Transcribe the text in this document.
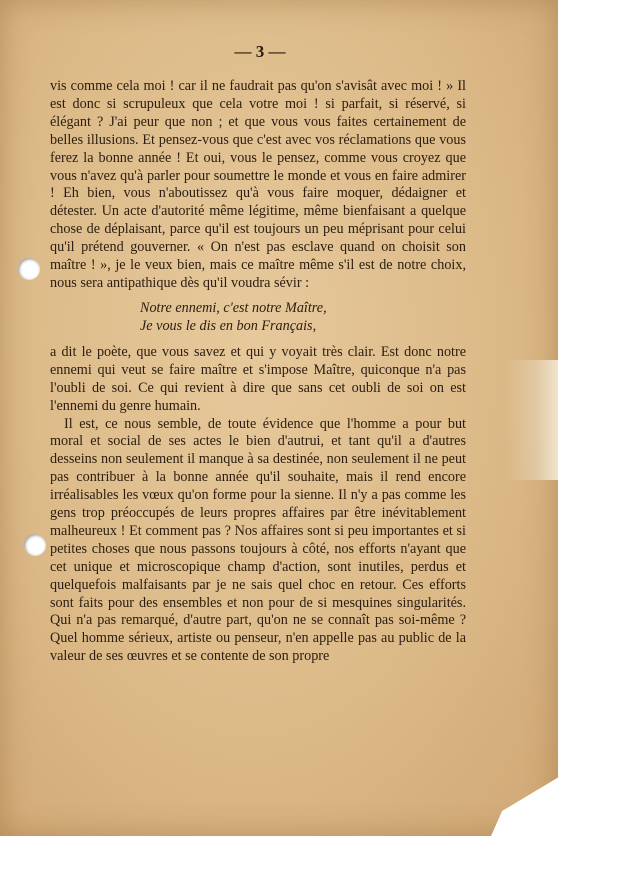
— 3 —

vis comme cela moi ! car il ne faudrait pas qu'on s'avisât avec moi ! » Il est donc si scrupuleux que cela votre moi ! si parfait, si réservé, si élégant ? J'ai peur que non ; et que vous vous faites certainement de belles illusions. Et pensez-vous que c'est avec vos réclamations que vous ferez la bonne année ! Et oui, vous le pensez, comme vous croyez que vous n'avez qu'à parler pour soumettre le monde et vous en faire admirer ! Eh bien, vous n'aboutissez qu'à vous faire moquer, dédaigner et détester. Un acte d'autorité même légitime, même bienfaisant a quelque chose de déplaisant, parce qu'il est toujours un peu méprisant pour celui qu'il prétend gouverner. « On n'est pas esclave quand on choisit son maître ! », je le veux bien, mais ce maître même s'il est de notre choix, nous sera antipathique dès qu'il voudra sévir :

Notre ennemi, c'est notre Maître,
Je vous le dis en bon Français,

a dit le poète, que vous savez et qui y voyait très clair. Est donc notre ennemi qui veut se faire maître et s'impose Maître, quiconque n'a pas l'oubli de soi. Ce qui revient à dire que sans cet oubli de soi on est l'ennemi du genre humain.

Il est, ce nous semble, de toute évidence que l'homme a pour but moral et social de ses actes le bien d'autrui, et tant qu'il a d'autres desseins non seulement il manque à sa destinée, non seulement il ne peut pas contribuer à la bonne année qu'il souhaite, mais il rend encore irréalisables les vœux qu'on forme pour la sienne. Il n'y a pas comme les gens trop préoccupés de leurs propres affaires par être inévitablement malheureux ! Et comment pas ? Nos affaires sont si peu importantes et si petites choses que nous passons toujours à côté, nos efforts n'ayant que cet unique et microscopique champ d'action, sont inutiles, perdus et quelquefois malfaisants par je ne sais quel choc en retour. Ces efforts sont faits pour des ensembles et non pour de si mesquines singularités. Qui n'a pas remarqué, d'autre part, qu'on ne se connaît pas soi-même ? Quel homme sérieux, artiste ou penseur, n'en appelle pas au public de la valeur de ses œuvres et se contente de son propre
